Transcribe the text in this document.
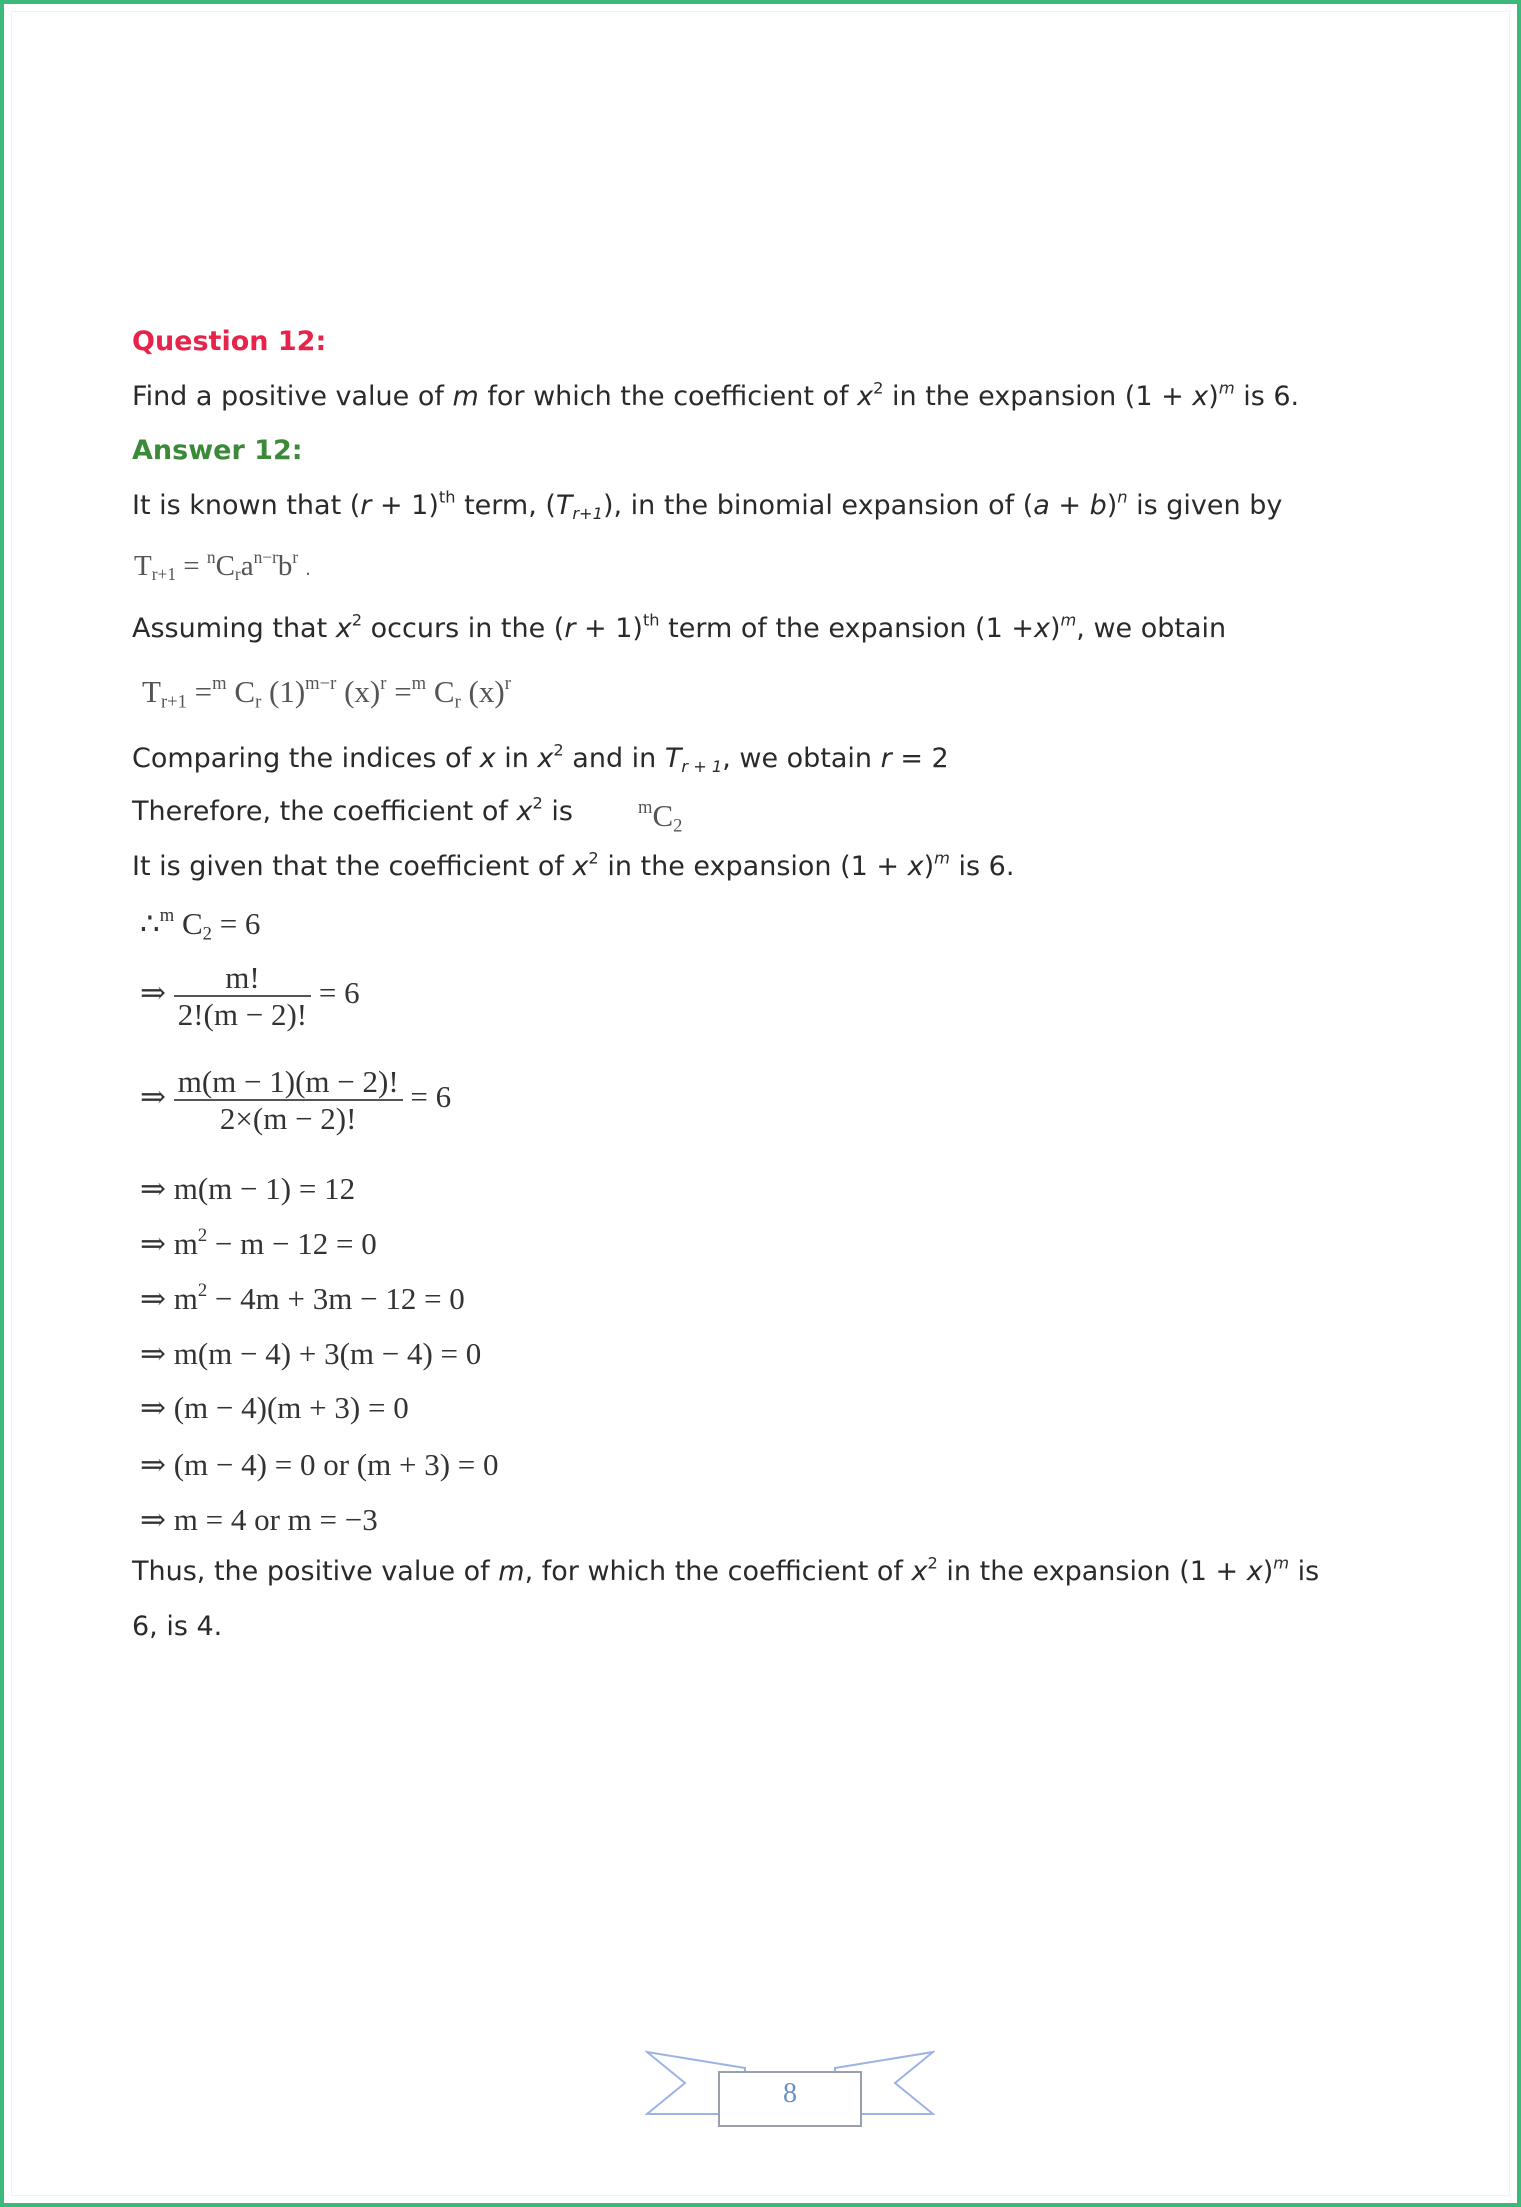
Question 12:
Find a positive value of m for which the coefficient of $x^2$ in the expansion $(1 + x)^m$ is 6.
Answer 12:
It is known that $(r + 1)^{th}$ term, $(T_{r+1})$, in the binomial expansion of $(a + b)^n$ is given by
$T_{r+1} = ^nC_ra^{n-r}b^r$ .
Assuming that $x^2$ occurs in the $(r + 1)^{th}$ term of the expansion $(1 +x)^m$, we obtain
$T_{r+1} =^m$ $C_r$ $(1)^{m-r}$ $(x)^r =^m$ $C_r$ $(x)^r$
Comparing the indices of x in $x^2$ and in $T_{r + 1}$, we obtain r = 2
Therefore, the coefficient of $x^2$ is	$^mC_2$
It is given that the coefficient of $x^2$ in the expansion $(1 + x)^m$ is 6.
∴$^m$ $C_2 = 6$
⇒ $\frac{m!}{2!(m - 2)!} = 6$
⇒ $\frac{m(m - 1)(m - 2)!}{2\times(m - 2)!} = 6$
⇒ m(m − 1) = 12
⇒ $m^2 - m - 12 = 0$
⇒ $m^2 - 4m + 3m - 12 = 0$
⇒ m(m − 4) + 3(m − 4) = 0
⇒ (m − 4)(m + 3) = 0
⇒ (m − 4) = 0 or (m + 3) = 0
⇒ m = 4 or m = −3
Thus, the positive value of m, for which the coefficient of $x^2$ in the expansion $(1 + x)^m$ is
6, is 4.
8
